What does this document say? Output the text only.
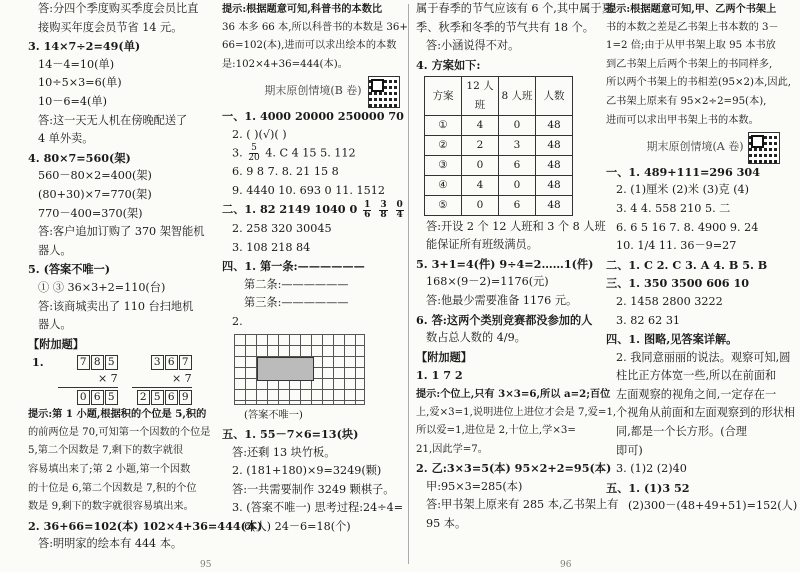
答:分四个季度购买季度会员比直
接购买年度会员节省 14 元。
3. 14×7÷2=49(单)
14－4=10(单)
10÷5×3=6(单)
10－6=4(单)
答:这一天无人机在傍晚配送了
4 单外卖。
4. 80×7=560(架)
560－80×2=400(架)
(80+30)×7=770(架)
770－400=370(架)
答:客户追加订购了 370 架智能机
器人。
5. (答案不唯一)
① ③ 36×3+2=110(台)
答:该商城卖出了 110 台扫地机
器人。
【附加题】
1.	7 8 5
× 7
0 6 5
3 6 7
× 7
2 5 6 9
提示:第 1 小题,根据积的个位是 5,积的
的前两位是 70,可知第一个因数的个位是
5,第二个因数是 7,剩下的数字就很
容易填出来了;第 2 小题,第一个因数
的十位是 6,第二个因数是 7,积的个位
数是 9,剩下的数字就很容易填出来。
2. 36+66=102(本) 102×4+36=444(本)
答:明明家的绘本有 444 本。
提示:根据题意可知,科普书的本数比
36 本多 66 本,所以科普书的本数是 36+
66=102(本),进而可以求出绘本的本数
是:102×4+36=444(本)。
期末原创情境(B 卷)
一、1. 4000 20000 250000 70
2. ( )(√)( )
3. $\frac{5}{20} 4$. C 4 15 5. 112
6. 9 8 7. 8. 21 15 8
9. 4440 10. 693 0 11. 1512
二、1. 82 2149 1040 $0 \frac{1}{6}$
$\frac{3}{8}$
$\frac{0}{4}$
2. 258 320 30045
3. 108 218 84
四、1. 第一条:——————
第二条:——————
第三条:——————
2.
(答案不唯一)
五、1. 55－7×6=13(块)
答:还剩 13 块竹板。
2. (181+180)×9=3249(颗)
答:一共需要制作 3249 颗棋子。
3. (答案不唯一) 思考过程:24÷4=
6(人) 24－6=18(个)
属于春季的节气应该有 6 个,其中属于夏
季、秋季和冬季的节气共有 18 个。
答:小涵说得不对。
4. 方案如下:
方案	12 人班	8 人班	人数
①	4	0	48
②	2	3	48
③	0	6	48
④	4	0	48
⑤	0	6	48
答:开设 2 个 12 人班和 3 个 8 人班
能保证所有班级满员。
5. 3+1=4(件) 9÷4=2……1(件)
168×(9－2)=1176(元)
答:他最少需要准备 1176 元。
6. 答:这两个类别竞赛都没参加的人
数占总人数的 4/9。
【附加题】
1. 1 7 2
提示:个位上,只有 3×3=6,所以 a=2;百位
上,爱×3=1,说明进位上进位才会是 7,爱=1,
所以爱=1,进位是 2,十位上,学×3=
21,因此学=7。
2. 乙:3×3=5(本) 95×2+2=95(本)
甲:95×3=285(本)
答:甲书架上原来有 285 本,乙书架上有
95 本。
提示:根据题意可知,甲、乙两个书架上
书的本数之差是乙书架上书本数的 3－
1=2 倍;由于从甲书架上取 95 本书放
到乙书架上后两个书架上的书同样多,
所以两个书架上的书相差(95×2)本,因此,
乙书架上原来有 95×2÷2=95(本),
进而可以求出甲书架上书的本数。
期末原创情境(A 卷)
一、1. 489+111=296 304
2. (1)厘米 (2)米 (3)克 (4)
3. 4 4. 558 210 5. 二
6. 6 5 16 7. 8. 4900 9. 24
10. 1/4 11. 36－9=27
二、1. C 2. C 3. A 4. B 5. B
三、1. 350 3500 606 10
2. 1458 2800 3222
3. 82 62 31
四、1. 图略,见答案详解。
2. 我同意丽丽的说法。观察可知,圆
柱比正方体宽一些,所以在前面和
左面观察的视角之间,一定存在一
个视角从前面和左面观察到的形状相
同,都是一个长方形。(合理
即可)
3. (1)2 (2)40
五、1. (1)3 52
(2)300－(48+49+51)=152(人)
95	96
